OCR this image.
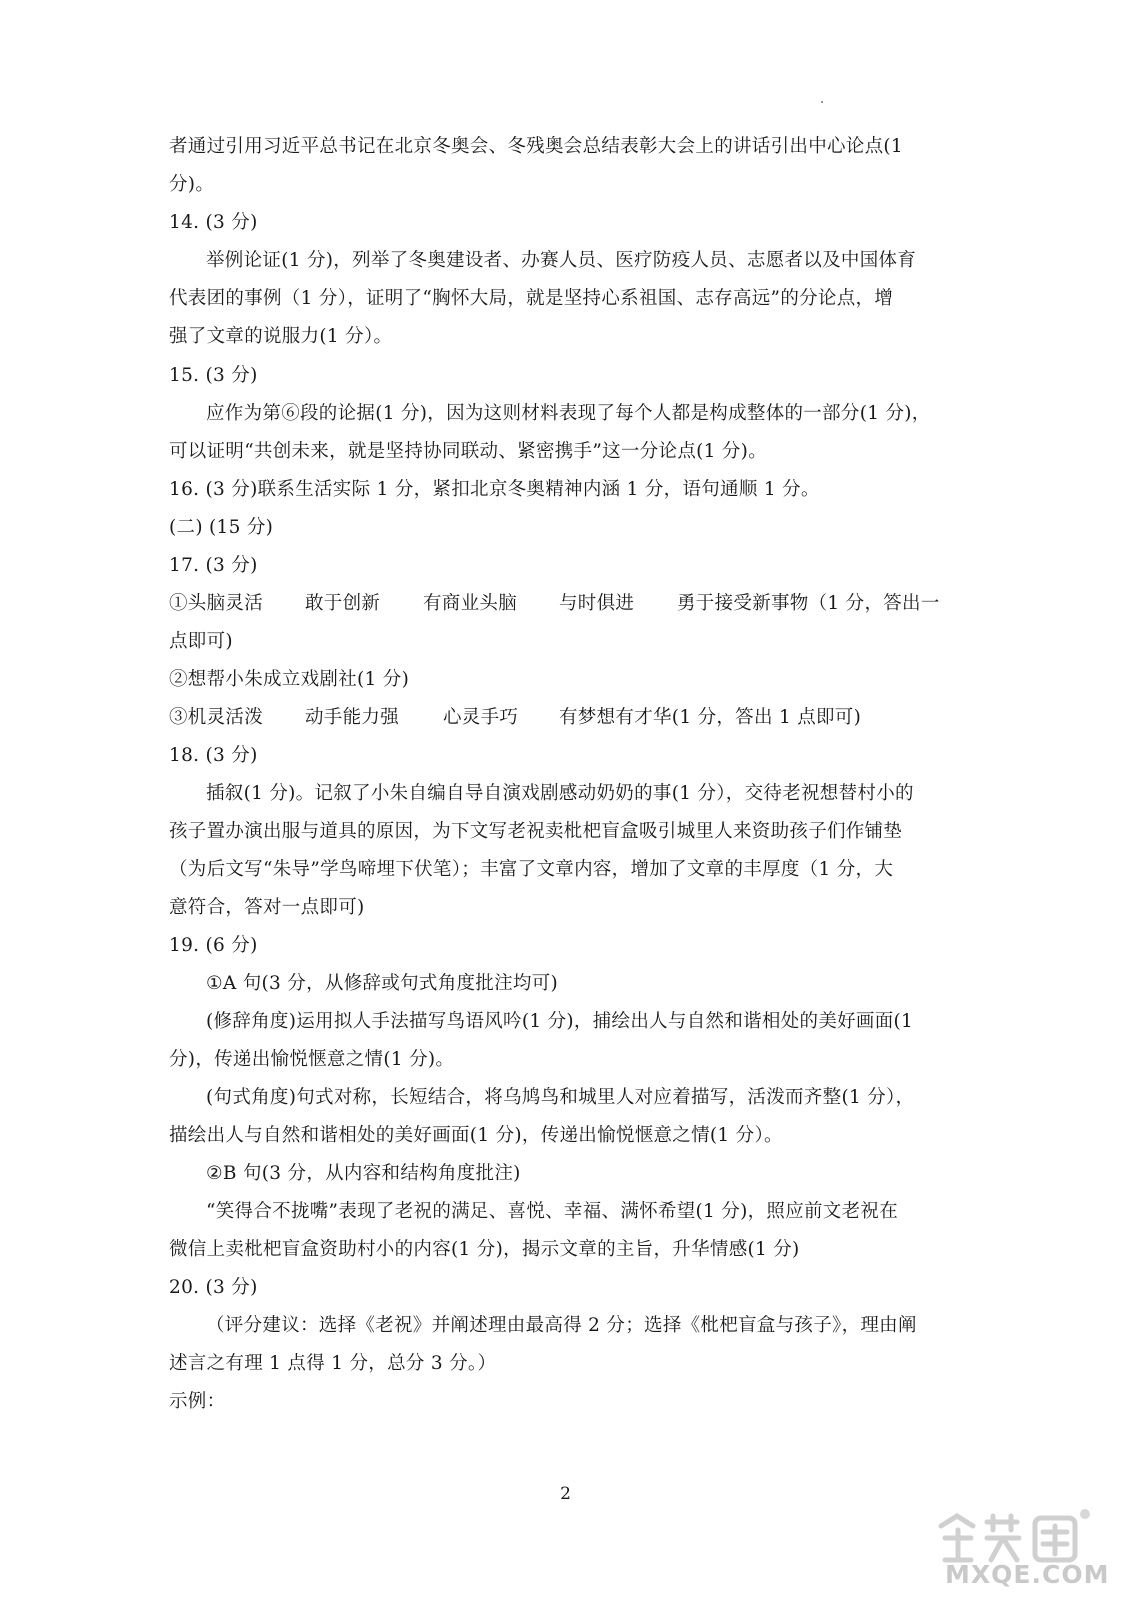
者通过引用习近平总书记在北京冬奥会、冬残奥会总结表彰大会上的讲话引出中心论点(1
分)。
14. (3 分)
举例论证(1 分)，列举了冬奥建设者、办赛人员、医疗防疫人员、志愿者以及中国体育
代表团的事例（1 分），证明了“胸怀大局，就是坚持心系祖国、志存高远”的分论点，增
强了文章的说服力(1 分）。
15. (3 分)
应作为第⑥段的论据(1 分)，因为这则材料表现了每个人都是构成整体的一部分(1 分)，
可以证明“共创未来，就是坚持协同联动、紧密携手”这一分论点(1 分)。
16. (3 分)联系生活实际 1 分，紧扣北京冬奥精神内涵 1 分，语句通顺 1 分。
(二) (15 分)
17. (3 分)
①头脑灵活	敢于创新	有商业头脑	与时俱进	勇于接受新事物（1 分，答出一
点即可)
②想帮小朱成立戏剧社(1 分)
③机灵活泼	动手能力强	心灵手巧	有梦想有才华(1 分，答出 1 点即可)
18. (3 分)
插叙(1 分)。记叙了小朱自编自导自演戏剧感动奶奶的事(1 分），交待老祝想替村小的
孩子置办演出服与道具的原因，为下文写老祝卖枇杷盲盒吸引城里人来资助孩子们作铺垫
（为后文写“朱导”学鸟啼埋下伏笔）；丰富了文章内容，增加了文章的丰厚度（1 分，大
意符合，答对一点即可)
19. (6 分)
①A 句(3 分，从修辞或句式角度批注均可)
(修辞角度)运用拟人手法描写鸟语风吟(1 分)，捕绘出人与自然和谐相处的美好画面(1
分)，传递出愉悦惬意之情(1 分)。
(句式角度)句式对称，长短结合，将乌鸠鸟和城里人对应着描写，活泼而齐整(1 分），
描绘出人与自然和谐相处的美好画面(1 分)，传递出愉悦惬意之情(1 分）。
②B 句(3 分，从内容和结构角度批注)
“笑得合不拢嘴”表现了老祝的满足、喜悦、幸福、满怀希望(1 分)，照应前文老祝在
微信上卖枇杷盲盒资助村小的内容(1 分)，揭示文章的主旨，升华情感(1 分)
20. (3 分)
（评分建议：选择《老祝》并阐述理由最高得 2 分；选择《枇杷盲盒与孩子》，理由阐
述言之有理 1 点得 1 分，总分 3 分。）
示例：
2
MXQE.COM
